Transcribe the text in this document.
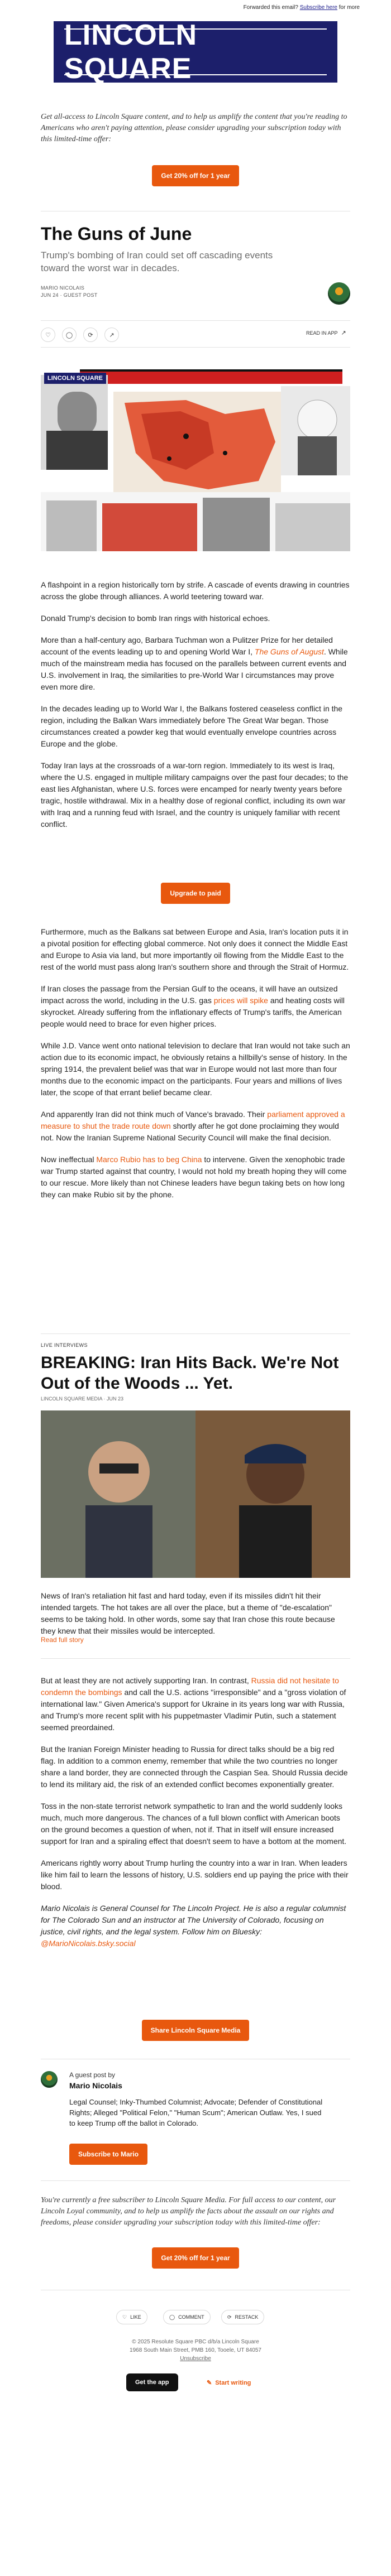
Forwarded this email? Subscribe here for more
LINCOLN SQUARE
Get all-access to Lincoln Square content, and to help us amplify the content that you're reading to Americans who aren't paying attention, please consider upgrading your subscription today with this limited-time offer:
Get 20% off for 1 year
The Guns of June
Trump's bombing of Iran could set off cascading events toward the worst war in decades.
MARIO NICOLAIS
JUN 24 · GUEST POST
♡	◯	⟳	↗	READ IN APP ↗
LINCOLN SQUARE

A flashpoint in a region historically torn by strife. A cascade of events drawing in countries across the globe through alliances. A world teetering toward war.

Donald Trump's decision to bomb Iran rings with historical echoes.

More than a half-century ago, Barbara Tuchman won a Pulitzer Prize for her detailed account of the events leading up to and opening World War I, The Guns of August. While much of the mainstream media has focused on the parallels between current events and U.S. involvement in Iraq, the similarities to pre-World War I circumstances may prove even more dire.

In the decades leading up to World War I, the Balkans fostered ceaseless conflict in the region, including the Balkan Wars immediately before The Great War began. Those circumstances created a powder keg that would eventually envelope countries across Europe and the globe.

Today Iran lays at the crossroads of a war-torn region. Immediately to its west is Iraq, where the U.S. engaged in multiple military campaigns over the past four decades; to the east lies Afghanistan, where U.S. forces were encamped for nearly twenty years before tragic, hostile withdrawal. Mix in a healthy dose of regional conflict, including its own war with Iraq and a running feud with Israel, and the country is uniquely familiar with recent conflict.

Upgrade to paid

Furthermore, much as the Balkans sat between Europe and Asia, Iran's location puts it in a pivotal position for effecting global commerce. Not only does it connect the Middle East and Europe to Asia via land, but more importantly oil flowing from the Middle East to the rest of the world must pass along Iran's southern shore and through the Strait of Hormuz.

If Iran closes the passage from the Persian Gulf to the oceans, it will have an outsized impact across the world, including in the U.S. gas prices will spike and heating costs will skyrocket. Already suffering from the inflationary effects of Trump's tariffs, the American people would need to brace for even higher prices.

While J.D. Vance went onto national television to declare that Iran would not take such an action due to its economic impact, he obviously retains a hillbilly's sense of history. In the spring 1914, the prevalent belief was that war in Europe would not last more than four months due to the economic impact on the participants. Four years and millions of lives later, the scope of that errant belief became clear.

And apparently Iran did not think much of Vance's bravado. Their parliament approved a measure to shut the trade route down shortly after he got done proclaiming they would not. Now the Iranian Supreme National Security Council will make the final decision.

Now ineffectual Marco Rubio has to beg China to intervene. Given the xenophobic trade war Trump started against that country, I would not hold my breath hoping they will come to our rescue. More likely than not Chinese leaders have begun taking bets on how long they can make Rubio sit by the phone.

LIVE INTERVIEWS
BREAKING: Iran Hits Back. We're Not Out of the Woods ... Yet.
LINCOLN SQUARE MEDIA · JUN 23

News of Iran's retaliation hit fast and hard today, even if its missiles didn't hit their intended targets. The hot takes are all over the place, but a theme of "de-escalation" seems to be taking hold. In other words, some say that Iran chose this route because they knew that their missiles would be intercepted.

Read full story

But at least they are not actively supporting Iran. In contrast, Russia did not hesitate to condemn the bombings and call the U.S. actions "irresponsible" and a "gross violation of international law." Given America's support for Ukraine in its years long war with Russia, and Trump's more recent split with his puppetmaster Vladimir Putin, such a statement seemed preordained.

But the Iranian Foreign Minister heading to Russia for direct talks should be a big red flag. In addition to a common enemy, remember that while the two countries no longer share a land border, they are connected through the Caspian Sea. Should Russia decide to lend its military aid, the risk of an extended conflict becomes exponentially greater.

Toss in the non-state terrorist network sympathetic to Iran and the world suddenly looks much, much more dangerous. The chances of a full blown conflict with American boots on the ground becomes a question of when, not if. That in itself will ensure increased support for Iran and a spiraling effect that doesn't seem to have a bottom at the moment.

Americans rightly worry about Trump hurling the country into a war in Iran. When leaders like him fail to learn the lessons of history, U.S. soldiers end up paying the price with their blood.

Mario Nicolais is General Counsel for The Lincoln Project. He is also a regular columnist for The Colorado Sun and an instructor at The University of Colorado, focusing on justice, civil rights, and the legal system. Follow him on Bluesky: @MarioNicolais.bsky.social

Share Lincoln Square Media
A guest post by
Mario Nicolais
Legal Counsel; Inky-Thumbed Columnist; Advocate; Defender of Constitutional Rights; Alleged "Political Felon," "Human Scum"; American Outlaw. Yes, I sued to keep Trump off the ballot in Colorado.
Subscribe to Mario
You're currently a free subscriber to Lincoln Square Media. For full access to our content, our Lincoln Loyal community, and to help us amplify the facts about the assault on our rights and freedoms, please consider upgrading your subscription today with this limited-time offer:
Get 20% off for 1 year
♡ LIKE	◯ COMMENT	⟳ RESTACK
© 2025 Resolute Square PBC d/b/a Lincoln Square
1968 South Main Street, PMB 160, Tooele, UT 84057
Unsubscribe
Get the app	✎ Start writing
